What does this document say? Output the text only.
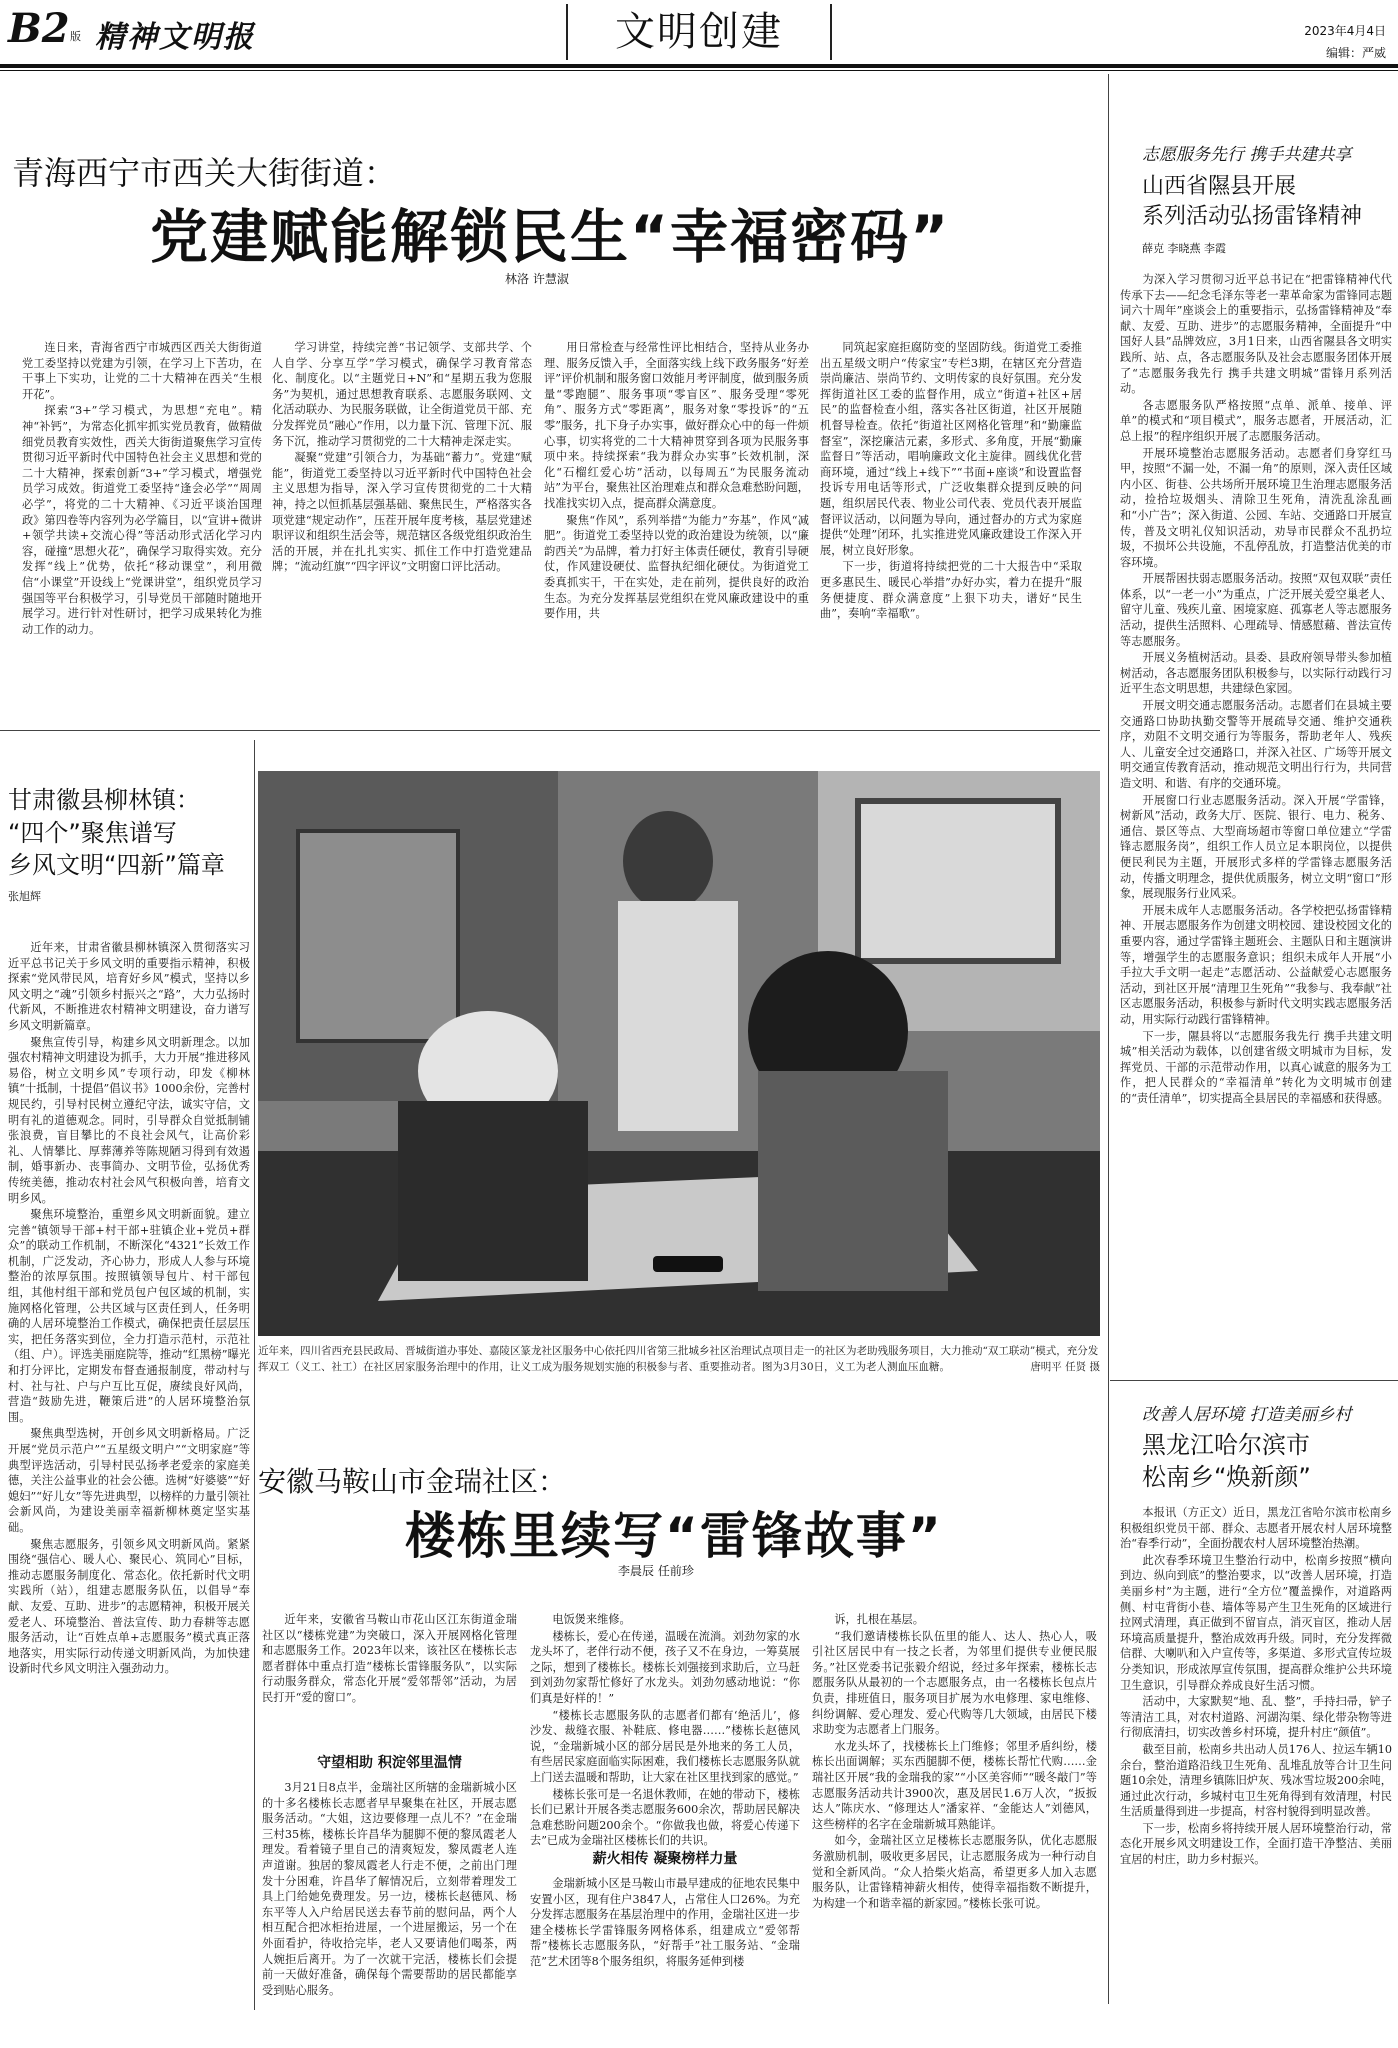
B2 版 精神文明报	文明创建	2023年4月4日
编辑：严威
青海西宁市西关大街街道：
党建赋能解锁民生“幸福密码”
林洛 许慧淑

连日来，青海省西宁市城西区西关大街街道党工委坚持以党建为引领，在学习上下苦功，在干事上下实功，让党的二十大精神在西关“生根开花”。

探索“3+”学习模式，为思想“充电”。精神“补钙”，为常态化抓牢抓实党员教育，做精做细党员教育实效性，西关大街街道聚焦学习宣传贯彻习近平新时代中国特色社会主义思想和党的二十大精神，探索创新“3+”学习模式，增强党员学习成效。街道党工委坚持“逢会必学”“周周必学”，将党的二十大精神、《习近平谈治国理政》第四卷等内容列为必学篇目，以“宣讲+微讲+领学共读+交流心得”等活动形式活化学习内容，碰撞“思想火花”，确保学习取得实效。充分发挥“线上”优势，依托“移动课堂”，利用微信“小课堂”开设线上“党课讲堂”，组织党员学习强国等平台积极学习，引导党员干部随时随地开展学习。进行针对性研讨，把学习成果转化为推动工作的动力。

学习讲堂，持续完善“书记领学、支部共学、个人自学、分享互学”学习模式，确保学习教育常态化、制度化。以“主题党日+N”和“星期五我为您服务”为契机，通过思想教育联系、志愿服务联网、文化活动联办、为民服务联做，让全街道党员干部、充分发挥党员“融心”作用，以力量下沉、管理下沉、服务下沉，推动学习贯彻党的二十大精神走深走实。

凝聚“党建”引领合力，为基础“蓄力”。党建“赋能”，街道党工委坚持以习近平新时代中国特色社会主义思想为指导，深入学习宣传贯彻党的二十大精神，持之以恒抓基层强基础、聚焦民生，严格落实各项党建“规定动作”，压茬开展年度考核，基层党建述职评议和组织生活会等，规范辖区各级党组织政治生活的开展，并在扎扎实实、抓住工作中打造党建品牌；“流动红旗”“四字评议”文明窗口评比活动。

用日常检查与经常性评比相结合，坚持从业务办理、服务反馈入手，全面落实线上线下政务服务“好差评”评价机制和服务窗口效能月考评制度，做到服务质量“零跑腿”、服务事项“零盲区”、服务受理“零死角”、服务方式“零距离”，服务对象“零投诉”的“五零”服务，扎下身子办实事，做好群众心中的每一件烦心事，切实将党的二十大精神贯穿到各项为民服务事项中来。持续探索“我为群众办实事”长效机制，深化“石榴红爱心坊”活动，以每周五“为民服务流动站”为平台，聚焦社区治理难点和群众急难愁盼问题，找准找实切入点，提高群众满意度。

聚焦“作风”，系列举措“为能力”夯基”，作风“减肥”。街道党工委坚持以党的政治建设为统领，以“廉韵西关”为品牌，着力打好主体责任硬仗，教育引导硬仗，作风建设硬仗、监督执纪细化硬仗。为街道党工委真抓实干，干在实处，走在前列，提供良好的政治生态。为充分发挥基层党组织在党风廉政建设中的重要作用，共

同筑起家庭拒腐防变的坚固防线。街道党工委推出五星级文明户“传家宝”专栏3期，在辖区充分营造崇尚廉洁、崇尚节约、文明传家的良好氛围。充分发挥街道社区工委的监督作用，成立“街道+社区+居民”的监督检查小组，落实各社区街道，社区开展随机督导检查。依托“街道社区网格化管理”和“勤廉监督室”，深挖廉洁元素，多形式、多角度，开展“勤廉监督日”等活动，唱响廉政文化主旋律。圆线优化营商环境，通过“线上+线下”“书面+座谈”和设置监督投诉专用电话等形式，广泛收集群众提到反映的问题，组织居民代表、物业公司代表、党员代表开展监督评议活动，以问题为导向，通过督办的方式为家庭提供“处理”闭环，扎实推进党风廉政建设工作深入开展，树立良好形象。

下一步，街道将持续把党的二十大报告中“采取更多惠民生、暖民心举措”办好办实，着力在提升“服务便捷度、群众满意度”上狠下功夫，谱好“民生曲”，奏响“幸福歌”。

志愿服务先行 携手共建共享
山西省隰县开展
系列活动弘扬雷锋精神
薛克 李晓燕 李霞

为深入学习贯彻习近平总书记在“把雷锋精神代代传承下去——纪念毛泽东等老一辈革命家为雷锋同志题词六十周年”座谈会上的重要指示，弘扬雷锋精神及“奉献、友爱、互助、进步”的志愿服务精神，全面提升“中国好人县”品牌效应，3月1日来，山西省隰县各文明实践所、站、点，各志愿服务队及社会志愿服务团体开展了“志愿服务我先行 携手共建文明城”雷锋月系列活动。

各志愿服务队严格按照“点单、派单、接单、评单”的模式和“项目模式”，服务志愿者，开展活动，汇总上报”的程序组织开展了志愿服务活动。

开展环境整治志愿服务活动。志愿者们身穿红马甲，按照“不漏一处，不漏一角”的原则，深入责任区域内小区、街巷、公共场所开展环境卫生治理志愿服务活动，捡拾垃圾烟头、清除卫生死角，清洗乱涂乱画和“小广告”；深入街道、公园、车站、交通路口开展宣传，普及文明礼仪知识活动，劝导市民群众不乱扔垃圾，不损坏公共设施，不乱停乱放，打造整洁优美的市容环境。

开展帮困扶弱志愿服务活动。按照“双包双联”责任体系，以“一老一小”为重点，广泛开展关爱空巢老人、留守儿童、残疾儿童、困境家庭、孤寡老人等志愿服务活动，提供生活照料、心理疏导、情感慰藉、普法宣传等志愿服务。

开展义务植树活动。县委、县政府领导带头参加植树活动，各志愿服务团队积极参与，以实际行动践行习近平生态文明思想，共建绿色家园。

开展文明交通志愿服务活动。志愿者们在县城主要交通路口协助执勤交警等开展疏导交通、维护交通秩序，劝阻不文明交通行为等服务，帮助老年人、残疾人、儿童安全过交通路口，并深入社区、广场等开展文明交通宣传教育活动，推动规范文明出行行为，共同营造文明、和谐、有序的交通环境。

开展窗口行业志愿服务活动。深入开展“学雷锋，树新风”活动，政务大厅、医院、银行、电力、税务、通信、景区等点、大型商场超市等窗口单位建立“学雷锋志愿服务岗”，组织工作人员立足本职岗位，以提供便民利民为主题，开展形式多样的学雷锋志愿服务活动，传播文明理念，提供优质服务，树立文明“窗口”形象，展现服务行业风采。

开展未成年人志愿服务活动。各学校把弘扬雷锋精神、开展志愿服务作为创建文明校园、建设校园文化的重要内容，通过学雷锋主题班会、主题队日和主题演讲等，增强学生的志愿服务意识；组织未成年人开展“小手拉大手文明一起走”志愿活动、公益献爱心志愿服务活动，到社区开展“清理卫生死角”“我参与、我奉献”社区志愿服务活动，积极参与新时代文明实践志愿服务活动，用实际行动践行雷锋精神。

下一步，隰县将以“志愿服务我先行 携手共建文明城”相关活动为载体，以创建省级文明城市为目标，发挥党员、干部的示范带动作用，以真心诚意的服务为工作，把人民群众的“幸福清单”转化为文明城市创建的“责任清单”，切实提高全县居民的幸福感和获得感。

甘肃徽县柳林镇：
“四个”聚焦谱写
乡风文明“四新”篇章
张旭辉

近年来，甘肃省徽县柳林镇深入贯彻落实习近平总书记关于乡风文明的重要指示精神，积极探索“党风带民风，培育好乡风”模式，坚持以乡风文明之“魂”引领乡村振兴之“路”，大力弘扬时代新风，不断推进农村精神文明建设，奋力谱写乡风文明新篇章。

聚焦宣传引导，构建乡风文明新理念。以加强农村精神文明建设为抓手，大力开展“推进移风易俗，树立文明乡风”专项行动，印发《柳林镇“十抵制，十提倡”倡议书》1000余份，完善村规民约，引导村民树立遵纪守法，诚实守信，文明有礼的道德观念。同时，引导群众自觉抵制铺张浪费，盲目攀比的不良社会风气，让高价彩礼、人情攀比、厚葬薄养等陈规陋习得到有效遏制，婚事新办、丧事简办、文明节俭，弘扬优秀传统美德，推动农村社会风气积极向善，培育文明乡风。

聚焦环境整治，重塑乡风文明新面貌。建立完善“镇领导干部+村干部+驻镇企业+党员+群众”的联动工作机制，不断深化“4321”长效工作机制，广泛发动，齐心协力，形成人人参与环境整治的浓厚氛围。按照镇领导包片、村干部包组，其他村组干部和党员包户包区域的机制，实施网格化管理，公共区域与区责任到人，任务明确的人居环境整治工作模式，确保把责任层层压实，把任务落实到位，全力打造示范村，示范社（组、户）。评选美丽庭院等，推动“红黑榜”曝光和打分评比，定期发布督查通报制度，带动村与村、社与社、户与户互比互促，赓续良好风尚，营造“鼓励先进，鞭策后进”的人居环境整治氛围。

聚焦典型选树，开创乡风文明新格局。广泛开展“党员示范户”“五星级文明户”“文明家庭”等典型评选活动，引导村民弘扬孝老爱亲的家庭美德，关注公益事业的社会公德。选树“好婆婆”“好媳妇”“好儿女”等先进典型，以榜样的力量引领社会新风尚，为建设美丽幸福新柳林奠定坚实基础。

聚焦志愿服务，引领乡风文明新风尚。紧紧围绕“强信心、暖人心、聚民心、筑同心”目标，推动志愿服务制度化、常态化。依托新时代文明实践所（站），组建志愿服务队伍，以倡导“奉献、友爱、互助、进步”的志愿精神，积极开展关爱老人、环境整治、普法宣传、助力春耕等志愿服务活动，让“百姓点单+志愿服务”模式真正落地落实，用实际行动传递文明新风尚，为加快建设新时代乡风文明注入强劲动力。

近年来，四川省西充县民政局、晋城街道办事处、嘉陵区篆龙社区服务中心依托四川省第三批城乡社区治理试点项目走一的社区为老助残服务项目，大力推动“双工联动”模式，充分发挥双工（义工、社工）在社区居家服务治理中的作用，让义工成为服务规划实施的积极参与者、重要推动者。图为3月30日，义工为老人测血压血糖。	唐明平 任贤 摄
安徽马鞍山市金瑞社区：
楼栋里续写“雷锋故事”
李晨辰 任前珍

近年来，安徽省马鞍山市花山区江东街道金瑞社区以“楼栋党建”为突破口，深入开展网格化管理和志愿服务工作。2023年以来，该社区在楼栋长志愿者群体中重点打造“楼栋长雷锋服务队”，以实际行动服务群众，常态化开展“爱邻帮邻”活动，为居民打开“爱的窗口”。

守望相助 积淀邻里温情

3月21日8点半，金瑞社区所辖的金瑞新城小区的十多名楼栋长志愿者早早聚集在社区，开展志愿服务活动。“大姐，这边要修理一点儿不？”在金瑞三村35栋，楼栋长许昌华为腿脚不便的黎凤霞老人理发。看着镜子里自己的清爽短发，黎凤霞老人连声道谢。独居的黎凤霞老人行走不便，之前出门理发十分困难，许昌华了解情况后，立刻带着理发工具上门给她免费理发。另一边，楼栋长赵德风、杨东平等人入户给居民送去春节前的慰问品，两个人相互配合把冰柜抬进屋，一个进屋搬运，另一个在外面看护，待收拾完毕，老人又要请他们喝茶，两人婉拒后离开。为了一次就干完活，楼栋长们会提前一天做好准备，确保每个需要帮助的居民都能享受到贴心服务。

电饭煲来维修。

楼栋长，爱心在传递，温暖在流淌。刘劲勿家的水龙头坏了，老伴行动不便，孩子又不在身边，一筹莫展之际，想到了楼栋长。楼栋长刘强接到求助后，立马赶到刘劲勿家帮忙修好了水龙头。刘劲勿感动地说：“你们真是好样的！”

“楼栋长志愿服务队的志愿者们都有‘绝活儿’，修沙发、裁缝衣服、补鞋底、修电器……”楼栋长赵德风说，“金瑞新城小区的部分居民是外地来的务工人员，有些居民家庭面临实际困难，我们楼栋长志愿服务队就上门送去温暖和帮助，让大家在社区里找到家的感觉。”

楼栋长张可是一名退休教师，在她的带动下，楼栋长们已累计开展各类志愿服务600余次，帮助居民解决急难愁盼问题200余个。“你做我也做，将爱心传递下去”已成为金瑞社区楼栋长们的共识。

薪火相传 凝聚榜样力量

金瑞新城小区是马鞍山市最早建成的征地农民集中安置小区，现有住户3847人，占常住人口26%。为充分发挥志愿服务在基层治理中的作用，金瑞社区进一步建全楼栋长学雷锋服务网格体系，组建成立“爱邻帮帮”楼栋长志愿服务队，“好帮手”社工服务站、“金瑞范”艺术团等8个服务组织，将服务延伸到楼

诉，扎根在基层。

“我们邀请楼栋长队伍里的能人、达人、热心人，吸引社区居民中有一技之长者，为邻里们提供专业便民服务。”社区党委书记张毅介绍说，经过多年探索，楼栋长志愿服务队从最初的一个志愿服务点，由一名楼栋长包点片负责，排班值日，服务项目扩展为水电修理、家电维修、纠纷调解、爱心理发、爱心代购等几大领域，由居民下楼求助变为志愿者上门服务。

水龙头坏了，找楼栋长上门维修；邻里矛盾纠纷，楼栋长出面调解；买东西腿脚不便，楼栋长帮忙代购……金瑞社区开展“我的金瑞我的家”“小区美容师”“暖冬敲门”等志愿服务活动共计3900次，惠及居民1.6万人次，“扳扳达人”陈庆水、“修理达人”潘家祥、“金能达人”刘德风，这些榜样的名字在金瑞新城耳熟能详。

如今，金瑞社区立足楼栋长志愿服务队，优化志愿服务激励机制，吸收更多居民，让志愿服务成为一种行动自觉和全新风尚。“众人拾柴火焰高，希望更多人加入志愿服务队，让雷锋精神薪火相传，使得幸福指数不断提升，为构建一个和谐幸福的新家园。”楼栋长张可说。

改善人居环境 打造美丽乡村
黑龙江哈尔滨市
松南乡“焕新颜”

本报讯（方正文）近日，黑龙江省哈尔滨市松南乡积极组织党员干部、群众、志愿者开展农村人居环境整治“春季行动”，全面扮靓农村人居环境整治热潮。

此次春季环境卫生整治行动中，松南乡按照“横向到边、纵向到底”的整治要求，以“改善人居环境，打造美丽乡村”为主题，进行“全方位”覆盖操作，对道路两侧、村屯背街小巷、墙体等易产生卫生死角的区域进行拉网式清理，真正做到不留盲点，消灭盲区，推动人居环境高质量提升，整治成效再升级。同时，充分发挥微信群、大喇叭和入户宣传等，多渠道、多形式宣传垃圾分类知识，形成浓厚宣传氛围，提高群众维护公共环境卫生意识，引导群众养成良好生活习惯。

活动中，大家默契“地、乱、整”，手持扫帚，铲子等清洁工具，对农村道路、河湖沟渠、绿化带杂物等进行彻底清扫，切实改善乡村环境，提升村庄“颜值”。

截至目前，松南乡共出动人员176人、拉运车辆10余台，整治道路沿线卫生死角、乱堆乱放等合计卫生问题10余处，清理乡镇陈旧炉灰、残冰雪垃圾200余吨，通过此次行动，乡城村屯卫生死角得到有效清理，村民生活质量得到进一步提高，村容村貌得到明显改善。

下一步，松南乡将持续开展人居环境整治行动，常态化开展乡风文明建设工作，全面打造干净整洁、美丽宜居的村庄，助力乡村振兴。
